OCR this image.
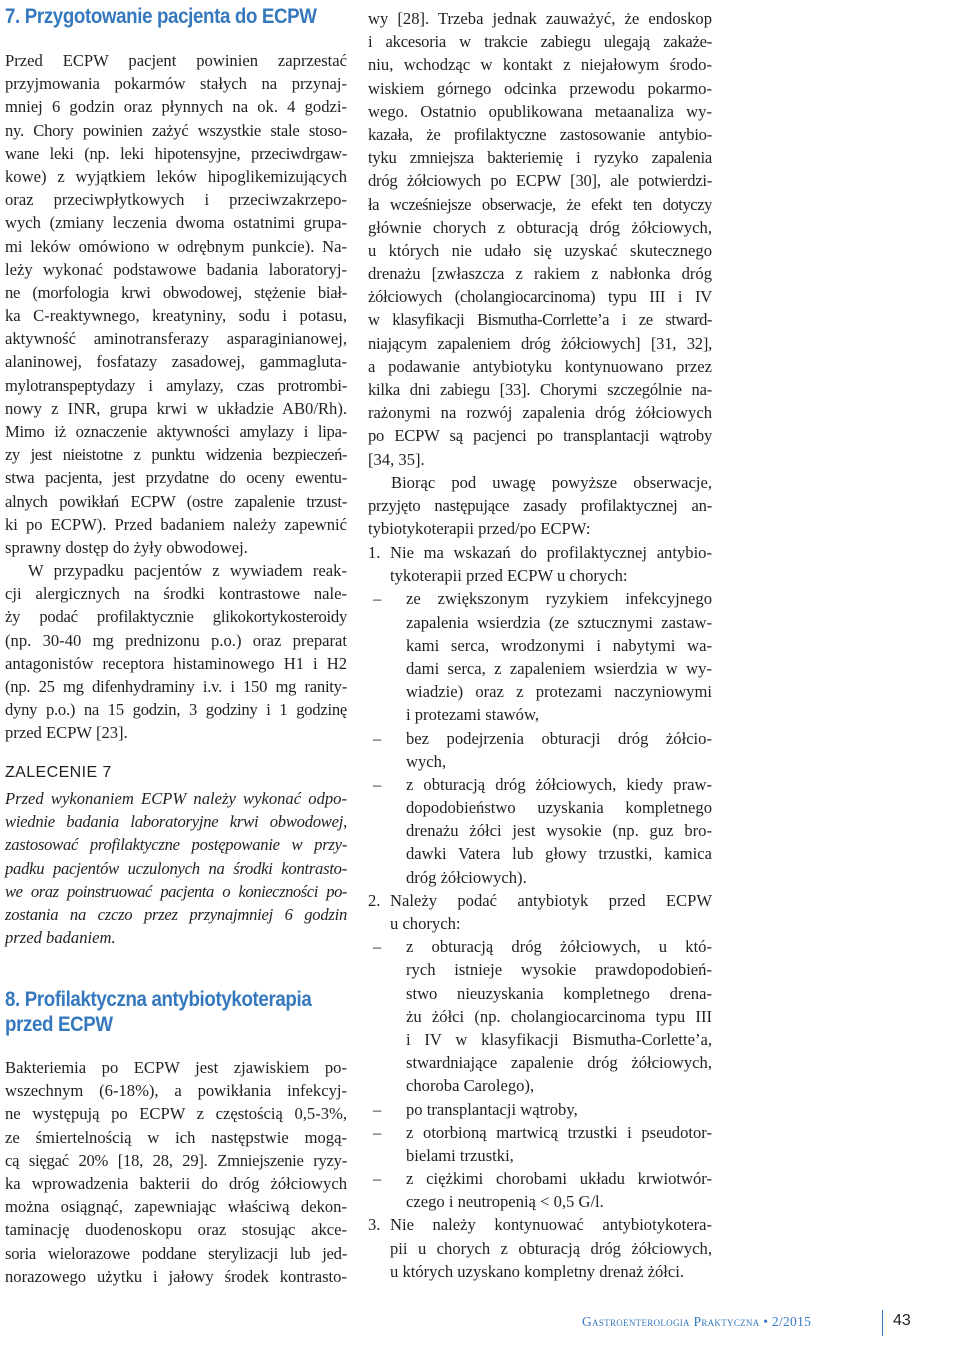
7. Przygotowanie pacjenta do ECPW
Przed ECPW pacjent powinien zaprzestać
przyjmowania pokarmów stałych na przynaj-
mniej 6 godzin oraz płynnych na ok. 4 godzi-
ny. Chory powinien zażyć wszystkie stale stoso-
wane leki (np. leki hipotensyjne, przeciwdrgaw-
kowe) z wyjątkiem leków hipoglikemizujących
oraz przeciwpłytkowych i przeciwzakrzepo-
wych (zmiany leczenia dwoma ostatnimi grupa-
mi leków omówiono w odrębnym punkcie). Na-
leży wykonać podstawowe badania laboratoryj-
ne (morfologia krwi obwodowej, stężenie biał-
ka C-reaktywnego, kreatyniny, sodu i potasu,
aktywność aminotransferazy asparaginianowej,
alaninowej, fosfatazy zasadowej, gammagluta-
mylotranspeptydazy i amylazy, czas protrombi-
nowy z INR, grupa krwi w układzie AB0/Rh).
Mimo iż oznaczenie aktywności amylazy i lipa-
zy jest nieistotne z punktu widzenia bezpieczeń-
stwa pacjenta, jest przydatne do oceny ewentu-
alnych powikłań ECPW (ostre zapalenie trzust-
ki po ECPW). Przed badaniem należy zapewnić
sprawny dostęp do żyły obwodowej.
W przypadku pacjentów z wywiadem reak-
cji alergicznych na środki kontrastowe nale-
ży podać profilaktycznie glikokortykosteroidy
(np. 30-40 mg prednizonu p.o.) oraz preparat
antagonistów receptora histaminowego H1 i H2
(np. 25 mg difenhydraminy i.v. i 150 mg ranity-
dyny p.o.) na 15 godzin, 3 godziny i 1 godzinę
przed ECPW [23].
ZALECENIE 7
Przed wykonaniem ECPW należy wykonać odpo-
wiednie badania laboratoryjne krwi obwodowej,
zastosować profilaktyczne postępowanie w przy-
padku pacjentów uczulonych na środki kontrasto-
we oraz poinstruować pacjenta o konieczności po-
zostania na czczo przez przynajmniej 6 godzin
przed badaniem.
8. Profilaktyczna antybiotykoterapia
przed ECPW
Bakteriemia po ECPW jest zjawiskiem po-
wszechnym (6-18%), a powikłania infekcyj-
ne występują po ECPW z częstością 0,5-3%,
ze śmiertelnością w ich następstwie mogą-
cą sięgać 20% [18, 28, 29]. Zmniejszenie ryzy-
ka wprowadzenia bakterii do dróg żółciowych
można osiągnąć, zapewniając właściwą dekon-
taminację duodenoskopu oraz stosując akce-
soria wielorazowe poddane sterylizacji lub jed-
norazowego użytku i jałowy środek kontrasto-
wy [28]. Trzeba jednak zauważyć, że endoskop
i akcesoria w trakcie zabiegu ulegają zakaże-
niu, wchodząc w kontakt z niejałowym środo-
wiskiem górnego odcinka przewodu pokarmo-
wego. Ostatnio opublikowana metaanaliza wy-
kazała, że profilaktyczne zastosowanie antybio-
tyku zmniejsza bakteriemię i ryzyko zapalenia
dróg żółciowych po ECPW [30], ale potwierdzi-
ła wcześniejsze obserwacje, że efekt ten dotyczy
głównie chorych z obturacją dróg żółciowych,
u których nie udało się uzyskać skutecznego
drenażu [zwłaszcza z rakiem z nabłonka dróg
żółciowych (cholangiocarcinoma) typu III i IV
w klasyfikacji Bismutha-Corrlette’a i ze stward-
niającym zapaleniem dróg żółciowych] [31, 32],
a podawanie antybiotyku kontynuowano przez
kilka dni zabiegu [33]. Chorymi szczególnie na-
rażonymi na rozwój zapalenia dróg żółciowych
po ECPW są pacjenci po transplantacji wątroby
[34, 35].
Biorąc pod uwagę powyższe obserwacje,
przyjęto następujące zasady profilaktycznej an-
tybiotykoterapii przed/po ECPW:
1. Nie ma wskazań do profilaktycznej antybio-
tykoterapii przed ECPW u chorych:
– ze zwiększonym ryzykiem infekcyjnego
zapalenia wsierdzia (ze sztucznymi zastaw-
kami serca, wrodzonymi i nabytymi wa-
dami serca, z zapaleniem wsierdzia w wy-
wiadzie) oraz z protezami naczyniowymi
i protezami stawów,
– bez podejrzenia obturacji dróg żółcio-
wych,
– z obturacją dróg żółciowych, kiedy praw-
dopodobieństwo uzyskania kompletnego
drenażu żółci jest wysokie (np. guz bro-
dawki Vatera lub głowy trzustki, kamica
dróg żółciowych).
2. Należy podać antybiotyk przed ECPW
u chorych:
– z obturacją dróg żółciowych, u któ-
rych istnieje wysokie prawdopodobień-
stwo nieuzyskania kompletnego drena-
żu żółci (np. cholangiocarcinoma typu III
i IV w klasyfikacji Bismutha-Corlette’a,
stwardniające zapalenie dróg żółciowych,
choroba Carolego),
– po transplantacji wątroby,
– z otorbioną martwicą trzustki i pseudotor-
bielami trzustki,
– z ciężkimi chorobami układu krwiotwór-
czego i neutropenią < 0,5 G/l.
3. Nie należy kontynuować antybiotykotera-
pii u chorych z obturacją dróg żółciowych,
u których uzyskano kompletny drenaż żółci.
Gastroenterologia Praktyczna • 2/2015	43
